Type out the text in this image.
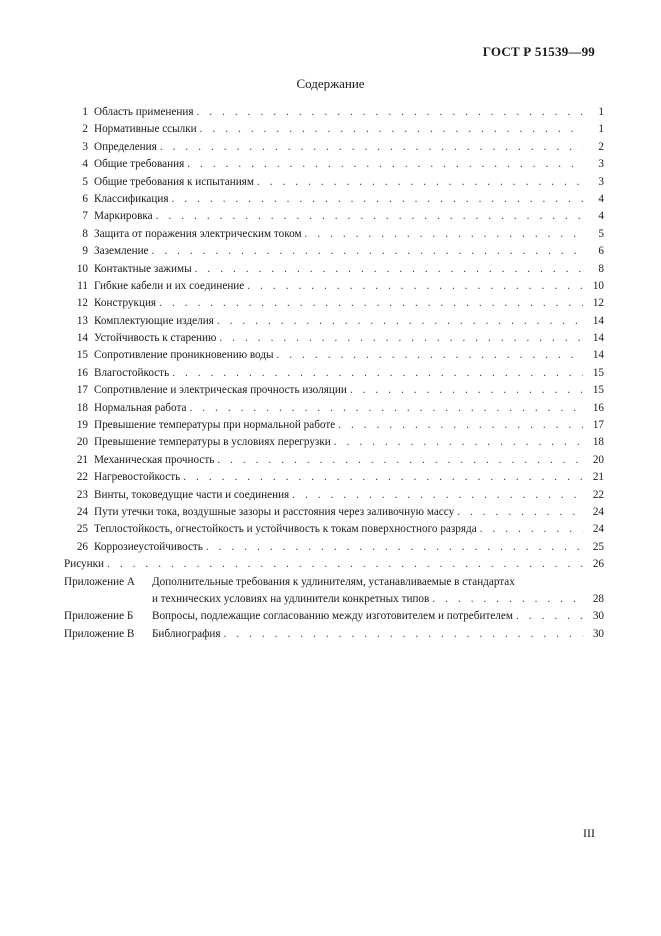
ГОСТ Р 51539—99
Содержание
1 Область применения . . .	1
2 Нормативные ссылки . . .	1
3 Определения . . .	2
4 Общие требования . . .	3
5 Общие требования к испытаниям . . .	3
6 Классификация . . .	4
7 Маркировка . . .	4
8 Защита от поражения электрическим током . . .	5
9 Заземление . . .	6
10 Контактные зажимы . . .	8
11 Гибкие кабели и их соединение . . .	10
12 Конструкция . . .	12
13 Комплектующие изделия . . .	14
14 Устойчивость к старению . . .	14
15 Сопротивление проникновению воды . . .	14
16 Влагостойкость . . .	15
17 Сопротивление и электрическая прочность изоляции . . .	15
18 Нормальная работа . . .	16
19 Превышение температуры при нормальной работе . . .	17
20 Превышение температуры в условиях перегрузки . . .	18
21 Механическая прочность . . .	20
22 Нагревостойкость . . .	21
23 Винты, токоведущие части и соединения . . .	22
24 Пути утечки тока, воздушные зазоры и расстояния через заливочную массу . . .	24
25 Теплостойкость, огнестойкость и устойчивость к токам поверхностного разряда . . .	24
26 Коррозиеустойчивость . . .	25
Рисунки . . .	26
Приложение А	Дополнительные требования к удлинителям, устанавливаемые в стандартах
и технических условиях на удлинители конкретных типов . . .	28
Приложение Б	Вопросы, подлежащие согласованию между изготовителем и потребителем . . .	30
Приложение В	Библиография . . .	30
III
